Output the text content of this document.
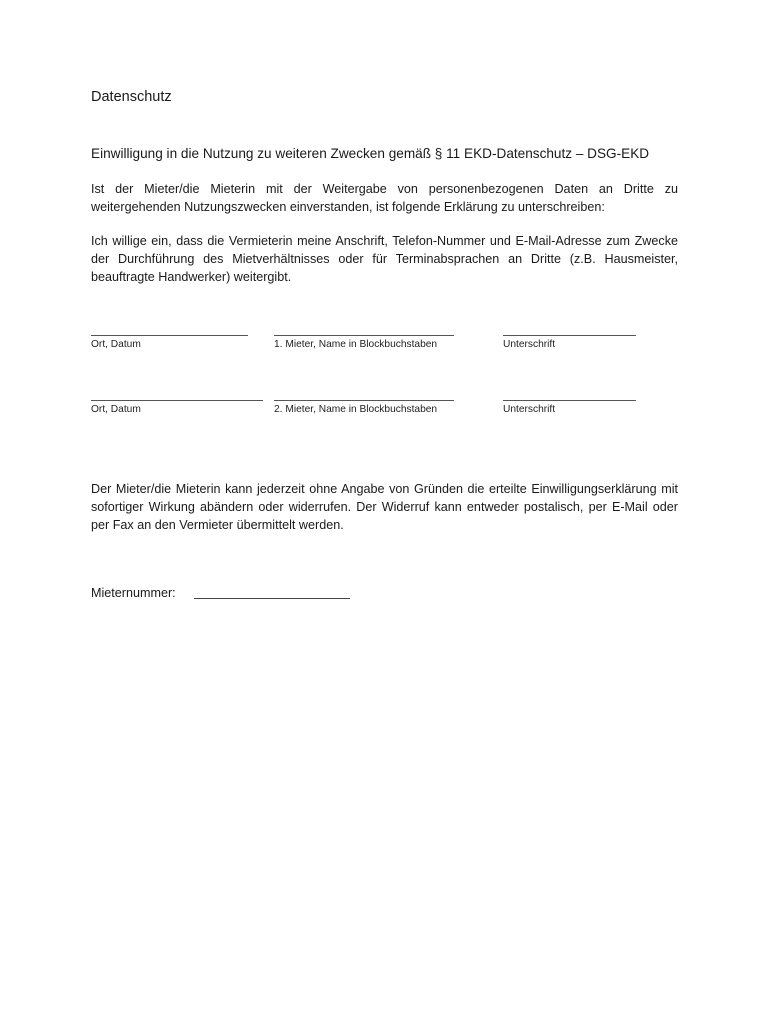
Datenschutz
Einwilligung in die Nutzung zu weiteren Zwecken gemäß § 11 EKD-Datenschutz – DSG-EKD
Ist der Mieter/die Mieterin mit der Weitergabe von personenbezogenen Daten an Dritte zu weitergehenden Nutzungszwecken einverstanden, ist folgende Erklärung zu unterschreiben:
Ich willige ein, dass die Vermieterin meine Anschrift, Telefon-Nummer und E-Mail-Adresse zum Zwecke der Durchführung des Mietverhältnisses oder für Terminabsprachen an Dritte (z.B. Hausmeister, beauftragte Handwerker) weitergibt.
Ort, Datum	1. Mieter, Name in Blockbuchstaben	Unterschrift
Ort, Datum	2. Mieter, Name in Blockbuchstaben	Unterschrift
Der Mieter/die Mieterin kann jederzeit ohne Angabe von Gründen die erteilte Einwilligungserklärung mit sofortiger Wirkung abändern oder widerrufen. Der Widerruf kann entweder postalisch, per E-Mail oder per Fax an den Vermieter übermittelt werden.
Mieternummer:
